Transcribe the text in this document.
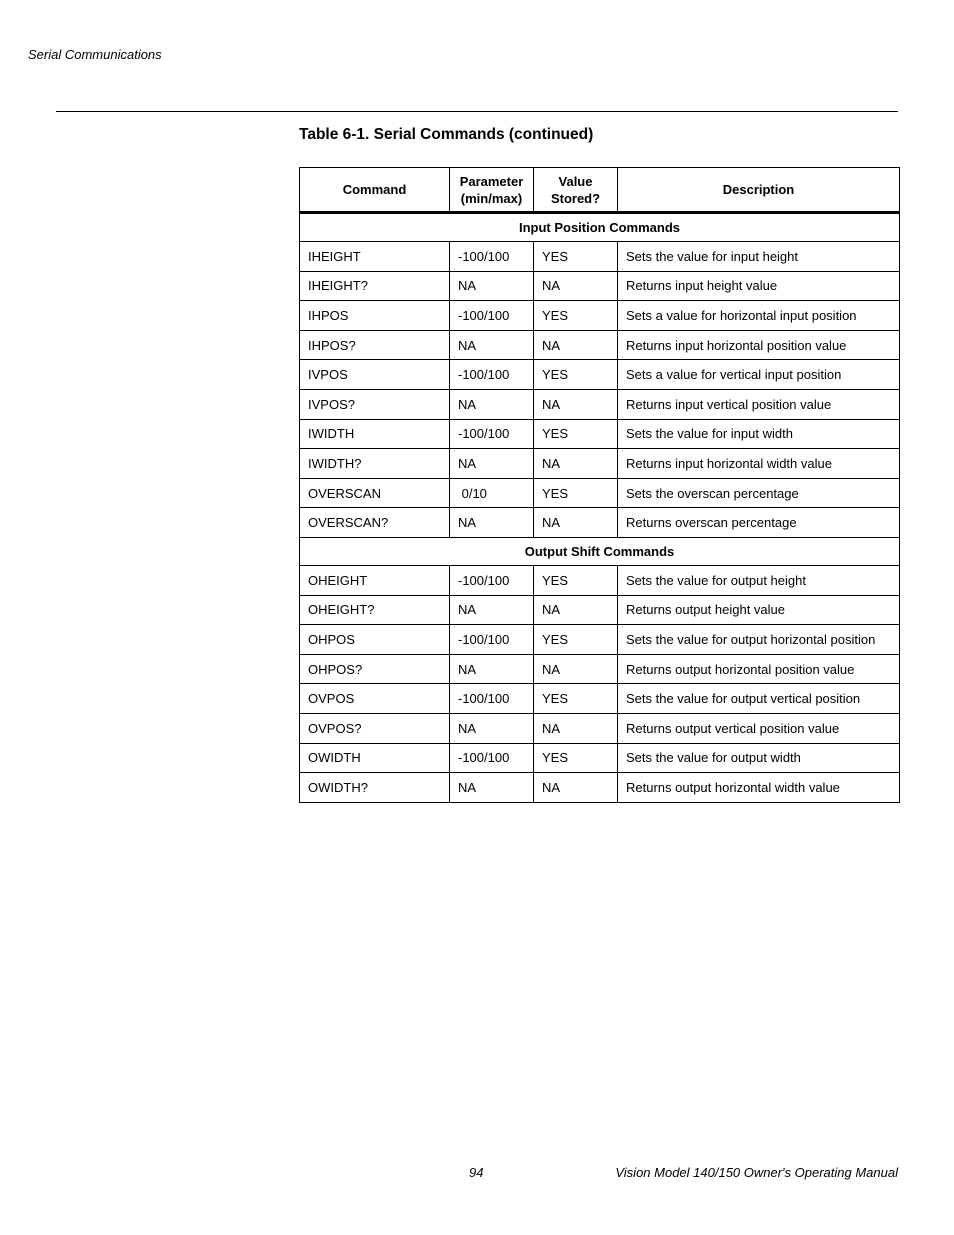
Serial Communications
Table 6-1. Serial Commands (continued)
Command	Parameter (min/max)	Value Stored?	Description
Input Position Commands			
IHEIGHT	-100/100	YES	Sets the value for input height
IHEIGHT?	NA	NA	Returns input height value
IHPOS	-100/100	YES	Sets a value for horizontal input position
IHPOS?	NA	NA	Returns input horizontal position value
IVPOS	-100/100	YES	Sets a value for vertical input position
IVPOS?	NA	NA	Returns input vertical position value
IWIDTH	-100/100	YES	Sets the value for input width
IWIDTH?	NA	NA	Returns input horizontal width value
OVERSCAN	0/10	YES	Sets the overscan percentage
OVERSCAN?	NA	NA	Returns overscan percentage
Output Shift Commands			
OHEIGHT	-100/100	YES	Sets the value for output height
OHEIGHT?	NA	NA	Returns output height value
OHPOS	-100/100	YES	Sets the value for output horizontal position
OHPOS?	NA	NA	Returns output horizontal position value
OVPOS	-100/100	YES	Sets the value for output vertical position
OVPOS?	NA	NA	Returns output vertical position value
OWIDTH	-100/100	YES	Sets the value for output width
OWIDTH?	NA	NA	Returns output horizontal width value
94	Vision Model 140/150 Owner's Operating Manual
